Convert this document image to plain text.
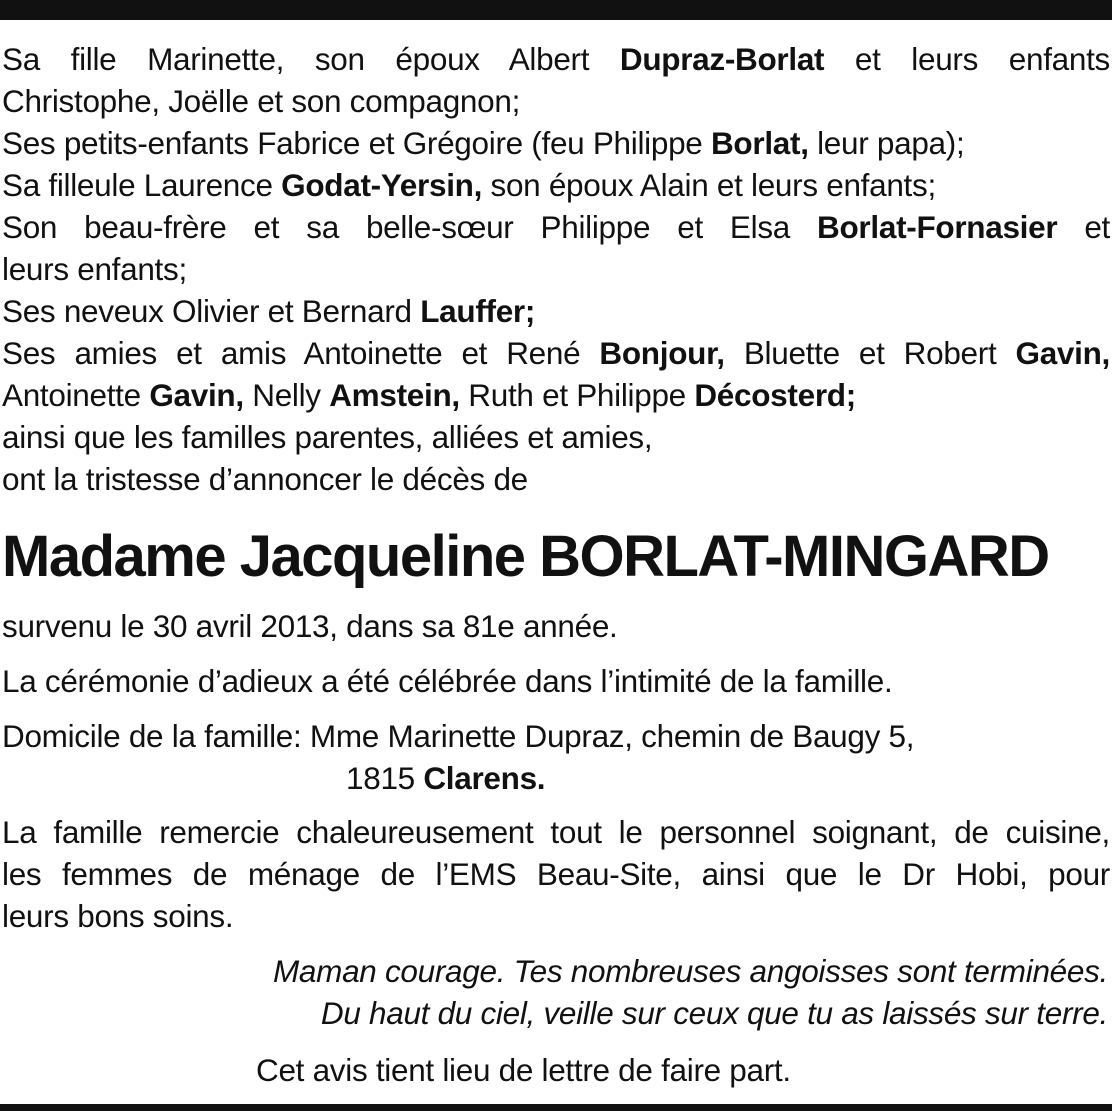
Sa fille Marinette, son époux Albert Dupraz-Borlat et leurs enfants
Christophe, Joëlle et son compagnon;
Ses petits-enfants Fabrice et Grégoire (feu Philippe Borlat, leur papa);
Sa filleule Laurence Godat-Yersin, son époux Alain et leurs enfants;
Son beau-frère et sa belle-sœur Philippe et Elsa Borlat-Fornasier et
leurs enfants;
Ses neveux Olivier et Bernard Lauffer;
Ses amies et amis Antoinette et René Bonjour, Bluette et Robert Gavin,
Antoinette Gavin, Nelly Amstein, Ruth et Philippe Décosterd;
ainsi que les familles parentes, alliées et amies,
ont la tristesse d’annoncer le décès de
Madame Jacqueline BORLAT-MINGARD
survenu le 30 avril 2013, dans sa 81e année.
La cérémonie d’adieux a été célébrée dans l’intimité de la famille.
Domicile de la famille: Mme Marinette Dupraz, chemin de Baugy 5,
1815 Clarens.
La famille remercie chaleureusement tout le personnel soignant, de cuisine,
les femmes de ménage de l’EMS Beau-Site, ainsi que le Dr Hobi, pour
leurs bons soins.
Maman courage. Tes nombreuses angoisses sont terminées.
Du haut du ciel, veille sur ceux que tu as laissés sur terre.
Cet avis tient lieu de lettre de faire part.
